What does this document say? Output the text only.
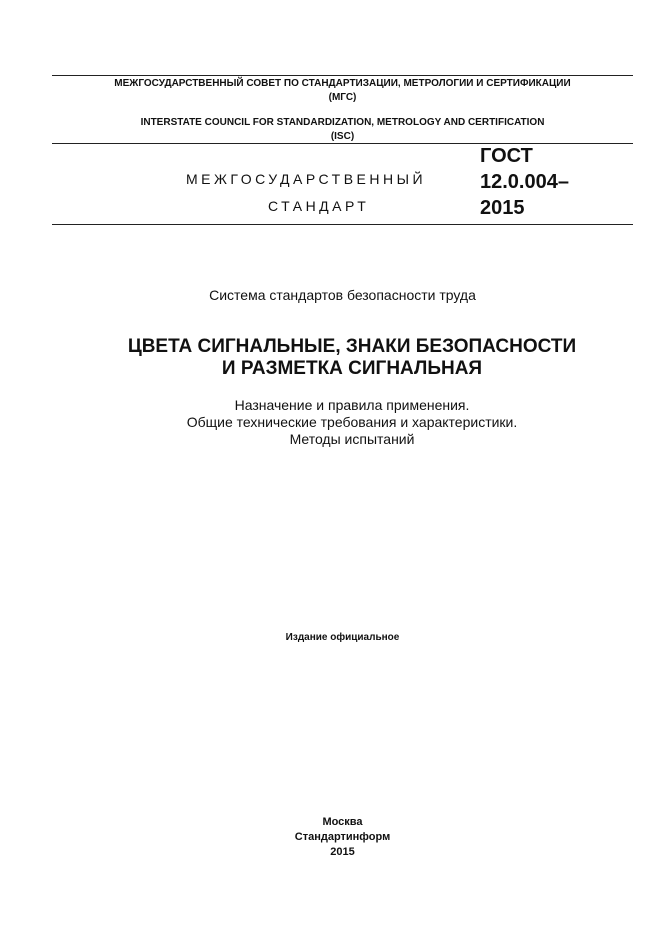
МЕЖГОСУДАРСТВЕННЫЙ СОВЕТ ПО СТАНДАРТИЗАЦИИ, МЕТРОЛОГИИ И СЕРТИФИКАЦИИ
(МГС)
INTERSTATE COUNCIL FOR STANDARDIZATION, METROLOGY AND CERTIFICATION
(ISC)
МЕЖГОСУДАРСТВЕННЫЙ
СТАНДАРТ
ГОСТ
12.0.004–
2015
Система стандартов безопасности труда
ЦВЕТА СИГНАЛЬНЫЕ, ЗНАКИ БЕЗОПАСНОСТИ
И РАЗМЕТКА СИГНАЛЬНАЯ
Назначение и правила применения.
Общие технические требования и характеристики.
Методы испытаний
Издание официальное
Москва
Стандартинформ
2015
